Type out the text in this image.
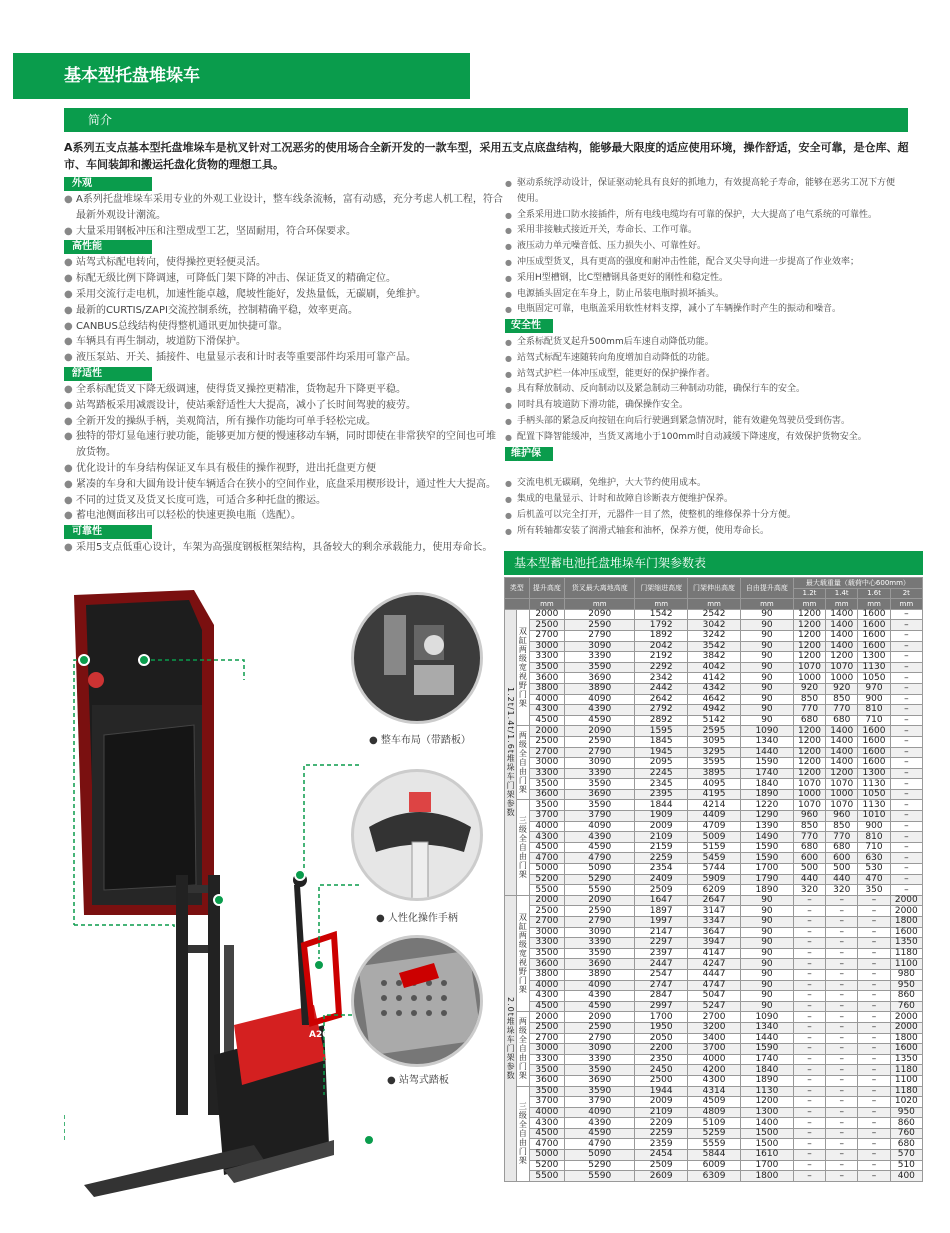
基本型托盘堆垛车
简介
A系列五支点基本型托盘堆垛车是杭叉针对工况恶劣的使用场合全新开发的一款车型，采用五支点底盘结构，能够最大限度的适应使用环境，操作舒适，安全可靠，是仓库、超市、车间装卸和搬运托盘化货物的理想工具。
外观
● A系列托盘堆垛车采用专业的外观工业设计，整车线条流畅，富有动感，充分考虑人机工程，符合最新外观设计潮流。
● 大量采用钢板冲压和注塑成型工艺，坚固耐用，符合环保要求。
高性能
● 站驾式标配电转向，使得操控更轻便灵活。
● 标配无级比例下降调速，可降低门架下降的冲击、保证货叉的精确定位。
● 采用交流行走电机，加速性能卓越，爬坡性能好，发热量低，无碳刷，免维护。
● 最新的CURTIS/ZAPI交流控制系统，控制精确平稳，效率更高。
● CANBUS总线结构使得整机通讯更加快捷可靠。
● 车辆具有再生制动，坡道防下滑保护。
● 液压泵站、开关、插接件、电量显示表和计时表等重要部件均采用可靠产品。
舒适性
● 全系标配货叉下降无级调速，使得货叉操控更精准，货物起升下降更平稳。
● 站驾踏板采用减震设计，使站乘舒适性大大提高，减小了长时间驾驶的疲劳。
● 全新开发的操纵手柄，美观简洁，所有操作功能均可单手轻松完成。
● 独特的带灯显龟速行驶功能，能够更加方便的慢速移动车辆，同时即使在非常狭窄的空间也可堆放货物。
● 优化设计的车身结构保证叉车具有极佳的操作视野，进出托盘更方便
● 紧凑的车身和大圆角设计使车辆适合在狭小的空间作业，底盘采用楔形设计，通过性大大提高。
● 不同的过货叉及货叉长度可选，可适合多种托盘的搬运。
● 蓄电池侧面移出可以轻松的快速更换电瓶（选配）。
可靠性
● 采用5支点低重心设计，车架为高强度钢板框架结构，具备较大的剩余承载能力，使用寿命长。
● 驱动系统浮动设计，保证驱动轮具有良好的抓地力，有效提高轮子寿命，能够在恶劣工况下方便使用。
● 全系采用进口防水接插件，所有电线电缆均有可靠的保护，大大提高了电气系统的可靠性。
● 采用非接触式接近开关，寿命长、工作可靠。
● 液压动力单元噪音低、压力损失小、可靠性好。
● 冲压成型货叉，具有更高的强度和耐冲击性能，配合叉尖导向进一步提高了作业效率；
● 采用H型槽钢，比C型槽钢具备更好的刚性和稳定性。
● 电源插头固定在车身上，防止吊装电瓶时损坏插头。
● 电瓶固定可靠，电瓶盖采用软性材料支撑，减小了车辆操作时产生的振动和噪音。
安全性
● 全系标配货叉起升500mm后车速自动降低功能。
● 站驾式标配车速随转向角度增加自动降低的功能。
● 站驾式护栏一体冲压成型，能更好的保护操作者。
● 具有释放制动、反向制动以及紧急制动三种制动功能，确保行车的安全。
● 同时具有坡道防下滑功能，确保操作安全。
● 手柄头部的紧急反向按钮在向后行驶遇到紧急情况时，能有效避免驾驶员受到伤害。
● 配置下降智能缓冲，当货叉离地小于100mm时自动减缓下降速度，有效保护货物安全。
维护保养
● 交流电机无碳刷，免维护，大大节约使用成本。
● 集成的电量显示、计时和故障自诊断表方便维护保养。
● 后机盖可以完全打开，元器件一目了然，使整机的维修保养十分方便。
● 所有转轴都安装了润滑式轴套和油杯，保养方便，使用寿命长。
● 整车布局（带踏板）
● 人性化操作手柄
● 站驾式踏板
A20
杭州叉车
基本型蓄电池托盘堆垛车门架参数表
类型		提升高度	货叉最大离地高度	门架缩进高度	门架伸出高度	自由提升高度	最大载重量（载荷中心600mm）			
							1.2t	1.4t	1.6t	2t
		mm	mm	mm	mm	mm	mm	mm	mm	mm
1.2t/1.4t/1.6t堆垛车门架参数	双缸两级宽视野门架	2000	2090	1542	2542	90	1200	1400	1600	–
		2500	2590	1792	3042	90	1200	1400	1600	–
		2700	2790	1892	3242	90	1200	1400	1600	–
		3000	3090	2042	3542	90	1200	1400	1600	–
		3300	3390	2192	3842	90	1200	1200	1300	–
		3500	3590	2292	4042	90	1070	1070	1130	–
		3600	3690	2342	4142	90	1000	1000	1050	–
		3800	3890	2442	4342	90	920	920	970	–
		4000	4090	2642	4642	90	850	850	900	–
		4300	4390	2792	4942	90	770	770	810	–
		4500	4590	2892	5142	90	680	680	710	–
	两级全自由门架	2000	2090	1595	2595	1090	1200	1400	1600	–
		2500	2590	1845	3095	1340	1200	1400	1600	–
		2700	2790	1945	3295	1440	1200	1400	1600	–
		3000	3090	2095	3595	1590	1200	1400	1600	–
		3300	3390	2245	3895	1740	1200	1200	1300	–
		3500	3590	2345	4095	1840	1070	1070	1130	–
		3600	3690	2395	4195	1890	1000	1000	1050	–
	三级全自由门架	3500	3590	1844	4214	1220	1070	1070	1130	–
		3700	3790	1909	4409	1290	960	960	1010	–
		4000	4090	2009	4709	1390	850	850	900	–
		4300	4390	2109	5009	1490	770	770	810	–
		4500	4590	2159	5159	1590	680	680	710	–
		4700	4790	2259	5459	1590	600	600	630	–
		5000	5090	2354	5744	1700	500	500	530	–
		5200	5290	2409	5909	1790	440	440	470	–
		5500	5590	2509	6209	1890	320	320	350	–
2.0t堆垛车门架参数	双缸两级宽视野门架	2000	2090	1647	2647	90	–	–	–	2000
		2500	2590	1897	3147	90	–	–	–	2000
		2700	2790	1997	3347	90	–	–	–	1800
		3000	3090	2147	3647	90	–	–	–	1600
		3300	3390	2297	3947	90	–	–	–	1350
		3500	3590	2397	4147	90	–	–	–	1180
		3600	3690	2447	4247	90	–	–	–	1100
		3800	3890	2547	4447	90	–	–	–	980
		4000	4090	2747	4747	90	–	–	–	950
		4300	4390	2847	5047	90	–	–	–	860
		4500	4590	2997	5247	90	–	–	–	760
	两级全自由门架	2000	2090	1700	2700	1090	–	–	–	2000
		2500	2590	1950	3200	1340	–	–	–	2000
		2700	2790	2050	3400	1440	–	–	–	1800
		3000	3090	2200	3700	1590	–	–	–	1600
		3300	3390	2350	4000	1740	–	–	–	1350
		3500	3590	2450	4200	1840	–	–	–	1180
		3600	3690	2500	4300	1890	–	–	–	1100
	三级全自由门架	3500	3590	1944	4314	1130	–	–	–	1180
		3700	3790	2009	4509	1200	–	–	–	1020
		4000	4090	2109	4809	1300	–	–	–	950
		4300	4390	2209	5109	1400	–	–	–	860
		4500	4590	2259	5259	1500	–	–	–	760
		4700	4790	2359	5559	1500	–	–	–	680
		5000	5090	2454	5844	1610	–	–	–	570
		5200	5290	2509	6009	1700	–	–	–	510
		5500	5590	2609	6309	1800	–	–	–	400
